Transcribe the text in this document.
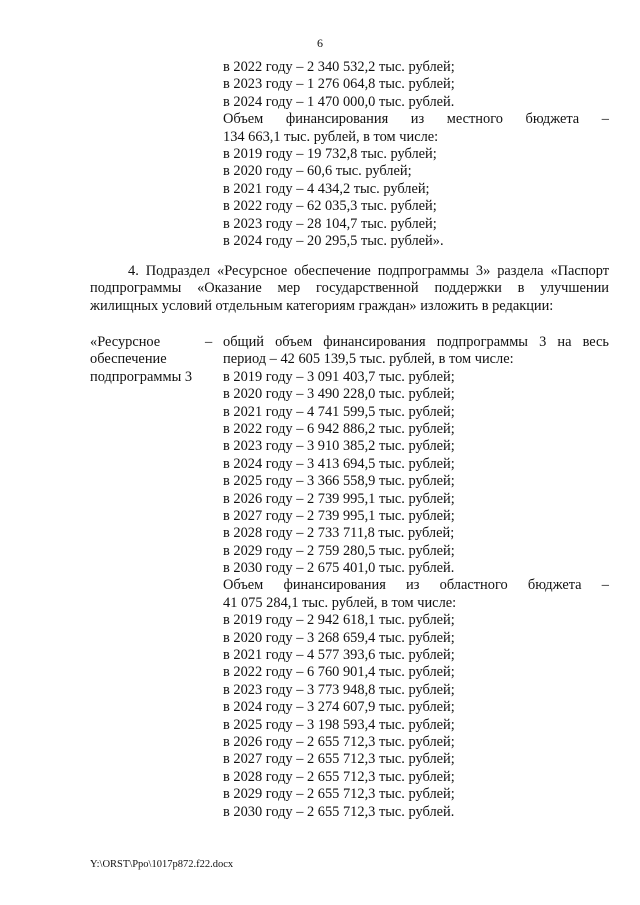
6
в 2022 году – 2 340 532,2 тыс. рублей;
в 2023 году – 1 276 064,8 тыс. рублей;
в 2024 году – 1 470 000,0 тыс. рублей.
Объем финансирования из местного бюджета –
134 663,1 тыс. рублей, в том числе:
в 2019 году – 19 732,8 тыс. рублей;
в 2020 году – 60,6 тыс. рублей;
в 2021 году – 4 434,2 тыс. рублей;
в 2022 году – 62 035,3 тыс. рублей;
в 2023 году – 28 104,7 тыс. рублей;
в 2024 году – 20 295,5 тыс. рублей».
4. Подраздел «Ресурсное обеспечение подпрограммы 3» раздела «Паспорт
подпрограммы «Оказание мер государственной поддержки в улучшении
жилищных условий отдельным категориям граждан» изложить в редакции:
«Ресурсное
обеспечение
подпрограммы 3
– общий объем финансирования подпрограммы 3 на весь
период – 42 605 139,5 тыс. рублей, в том числе:
в 2019 году – 3 091 403,7 тыс. рублей;
в 2020 году – 3 490 228,0 тыс. рублей;
в 2021 году – 4 741 599,5 тыс. рублей;
в 2022 году – 6 942 886,2 тыс. рублей;
в 2023 году – 3 910 385,2 тыс. рублей;
в 2024 году – 3 413 694,5 тыс. рублей;
в 2025 году – 3 366 558,9 тыс. рублей;
в 2026 году – 2 739 995,1 тыс. рублей;
в 2027 году – 2 739 995,1 тыс. рублей;
в 2028 году – 2 733 711,8 тыс. рублей;
в 2029 году – 2 759 280,5 тыс. рублей;
в 2030 году – 2 675 401,0 тыс. рублей.
Объем финансирования из областного бюджета –
41 075 284,1 тыс. рублей, в том числе:
в 2019 году – 2 942 618,1 тыс. рублей;
в 2020 году – 3 268 659,4 тыс. рублей;
в 2021 году – 4 577 393,6 тыс. рублей;
в 2022 году – 6 760 901,4 тыс. рублей;
в 2023 году – 3 773 948,8 тыс. рублей;
в 2024 году – 3 274 607,9 тыс. рублей;
в 2025 году – 3 198 593,4 тыс. рублей;
в 2026 году – 2 655 712,3 тыс. рублей;
в 2027 году – 2 655 712,3 тыс. рублей;
в 2028 году – 2 655 712,3 тыс. рублей;
в 2029 году – 2 655 712,3 тыс. рублей;
в 2030 году – 2 655 712,3 тыс. рублей.
Y:\ORST\Ppo\1017p872.f22.docx
